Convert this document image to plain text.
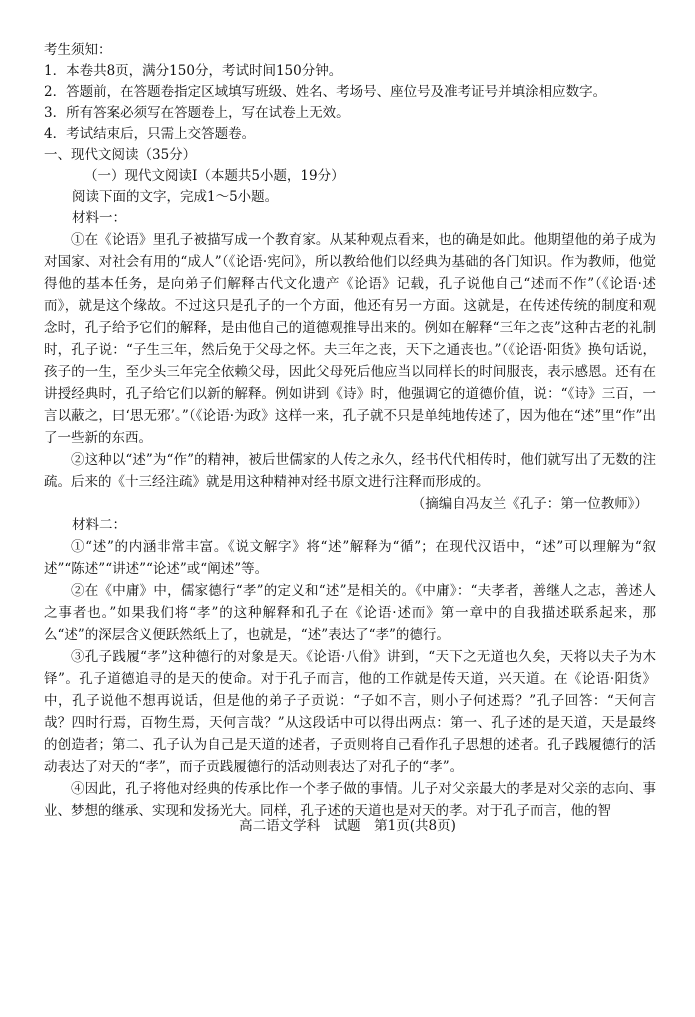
考生须知：
1．本卷共8页，满分150分，考试时间150分钟。
2．答题前，在答题卷指定区域填写班级、姓名、考场号、座位号及准考证号并填涂相应数字。
3．所有答案必须写在答题卷上，写在试卷上无效。
4．考试结束后，只需上交答题卷。
一、现代文阅读（35分）
（一）现代文阅读Ⅰ（本题共5小题，19分）
阅读下面的文字，完成1～5小题。
材料一：
①在《论语》里孔子被描写成一个教育家。从某种观点看来，也的确是如此。他期望他的弟子成为对国家、对社会有用的“成人”（《论语·宪问》，所以教给他们以经典为基础的各门知识。作为教师，他觉得他的基本任务，是向弟子们解释古代文化遗产《论语》记载，孔子说他自己“述而不作”（《论语·述而》，就是这个缘故。不过这只是孔子的一个方面，他还有另一方面。这就是，在传述传统的制度和观念时，孔子给予它们的解释，是由他自己的道德观推导出来的。例如在解释“三年之丧”这种古老的礼制时，孔子说：“子生三年，然后免于父母之怀。夫三年之丧，天下之通丧也。”（《论语·阳货》换句话说，孩子的一生，至少头三年完全依赖父母，因此父母死后他应当以同样长的时间服丧，表示感恩。还有在讲授经典时，孔子给它们以新的解释。例如讲到《诗》时，他强调它的道德价值，说：“《诗》三百，一言以蔽之，曰‘思无邪’。”（《论语·为政》这样一来，孔子就不只是单纯地传述了，因为他在“述”里“作”出了一些新的东西。
②这种以“述”为“作”的精神，被后世儒家的人传之永久，经书代代相传时，他们就写出了无数的注疏。后来的《十三经注疏》就是用这种精神对经书原文进行注释而形成的。
（摘编自冯友兰《孔子：第一位教师》）
材料二：
①“述”的内涵非常丰富。《说文解字》将“述”解释为“循”；在现代汉语中，“述”可以理解为“叙述”“陈述”“讲述”“论述”或“阐述”等。
②在《中庸》中，儒家德行“孝”的定义和“述”是相关的。《中庸》：“夫孝者，善继人之志，善述人之事者也。”如果我们将“孝”的这种解释和孔子在《论语·述而》第一章中的自我描述联系起来，那么“述”的深层含义便跃然纸上了，也就是，“述”表达了“孝”的德行。
③孔子践履“孝”这种德行的对象是天。《论语·八佾》讲到，“天下之无道也久矣，天将以夫子为木铎”。孔子道德追寻的是天的使命。对于孔子而言，他的工作就是传天道，兴天道。在《论语·阳货》中，孔子说他不想再说话，但是他的弟子子贡说：“子如不言，则小子何述焉？”孔子回答：“天何言哉？四时行焉，百物生焉，天何言哉？”从这段话中可以得出两点：第一、孔子述的是天道，天是最终的创造者；第二、孔子认为自己是天道的述者，子贡则将自己看作孔子思想的述者。孔子践履德行的活动表达了对天的“孝”，而子贡践履德行的活动则表达了对孔子的“孝”。
④因此，孔子将他对经典的传承比作一个孝子做的事情。儿子对父亲最大的孝是对父亲的志向、事业、梦想的继承、实现和发扬光大。同样，孔子述的天道也是对天的孝。对于孔子而言，他的智
高二语文学科　试题　第1页(共8页)
